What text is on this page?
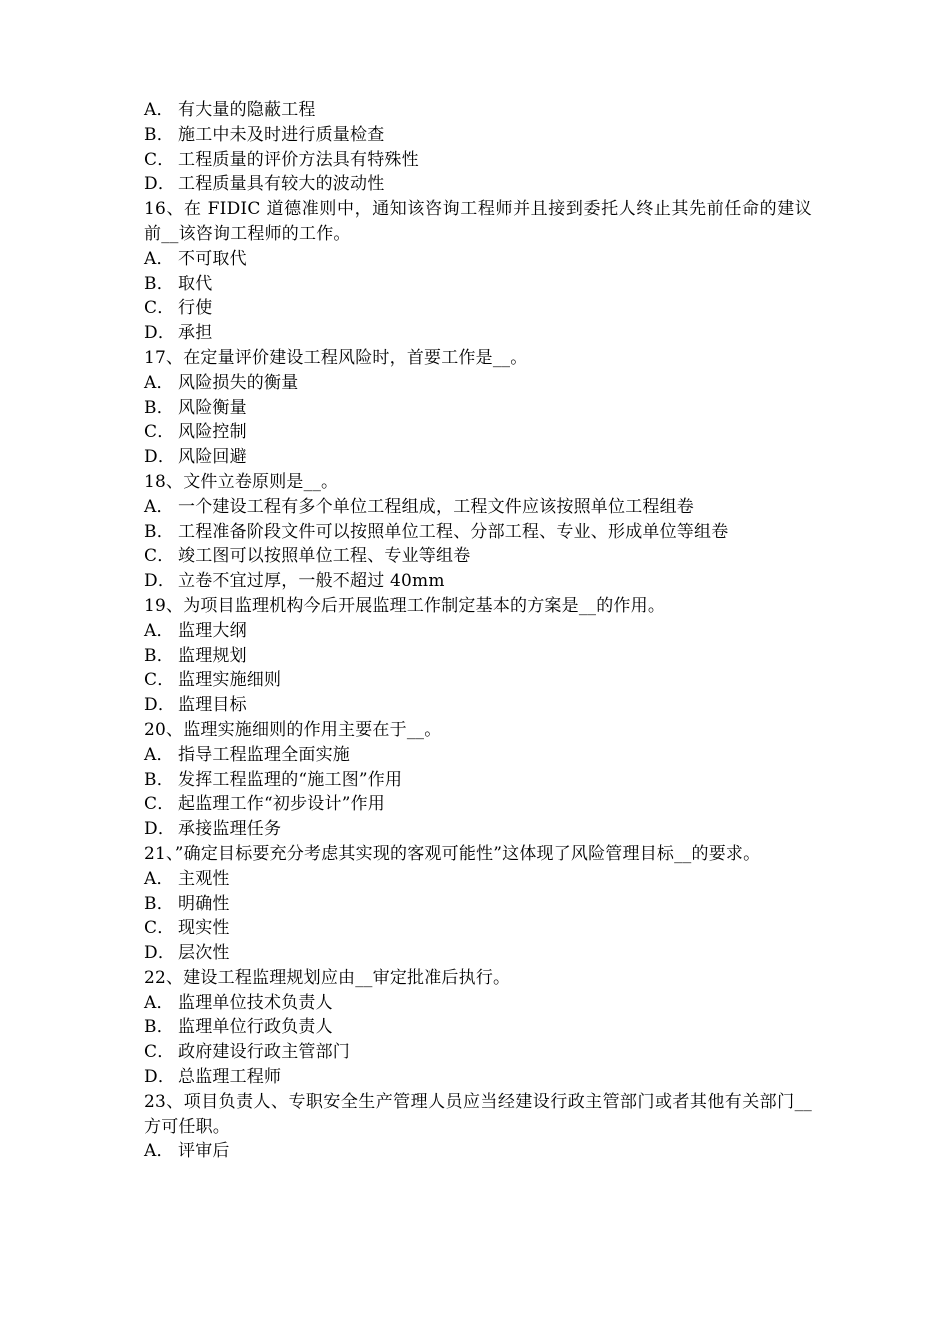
A． 有大量的隐蔽工程
B． 施工中未及时进行质量检查
C． 工程质量的评价方法具有特殊性
D． 工程质量具有较大的波动性
16、在 FIDIC 道德准则中，通知该咨询工程师并且接到委托人终止其先前任命的建议前__该咨询工程师的工作。
A． 不可取代
B． 取代
C． 行使
D． 承担
17、在定量评价建设工程风险时，首要工作是__。
A． 风险损失的衡量
B． 风险衡量
C． 风险控制
D． 风险回避
18、文件立卷原则是__。
A． 一个建设工程有多个单位工程组成，工程文件应该按照单位工程组卷
B． 工程准备阶段文件可以按照单位工程、分部工程、专业、形成单位等组卷
C． 竣工图可以按照单位工程、专业等组卷
D． 立卷不宜过厚，一般不超过 40mm
19、为项目监理机构今后开展监理工作制定基本的方案是__的作用。
A． 监理大纲
B． 监理规划
C． 监理实施细则
D． 监理目标
20、监理实施细则的作用主要在于__。
A． 指导工程监理全面实施
B． 发挥工程监理的“施工图”作用
C． 起监理工作“初步设计”作用
D． 承接监理任务
21、”确定目标要充分考虑其实现的客观可能性”这体现了风险管理目标__的要求。
A． 主观性
B． 明确性
C． 现实性
D． 层次性
22、建设工程监理规划应由__审定批准后执行。
A． 监理单位技术负责人
B． 监理单位行政负责人
C． 政府建设行政主管部门
D． 总监理工程师
23、项目负责人、专职安全生产管理人员应当经建设行政主管部门或者其他有关部门__方可任职。
A． 评审后
